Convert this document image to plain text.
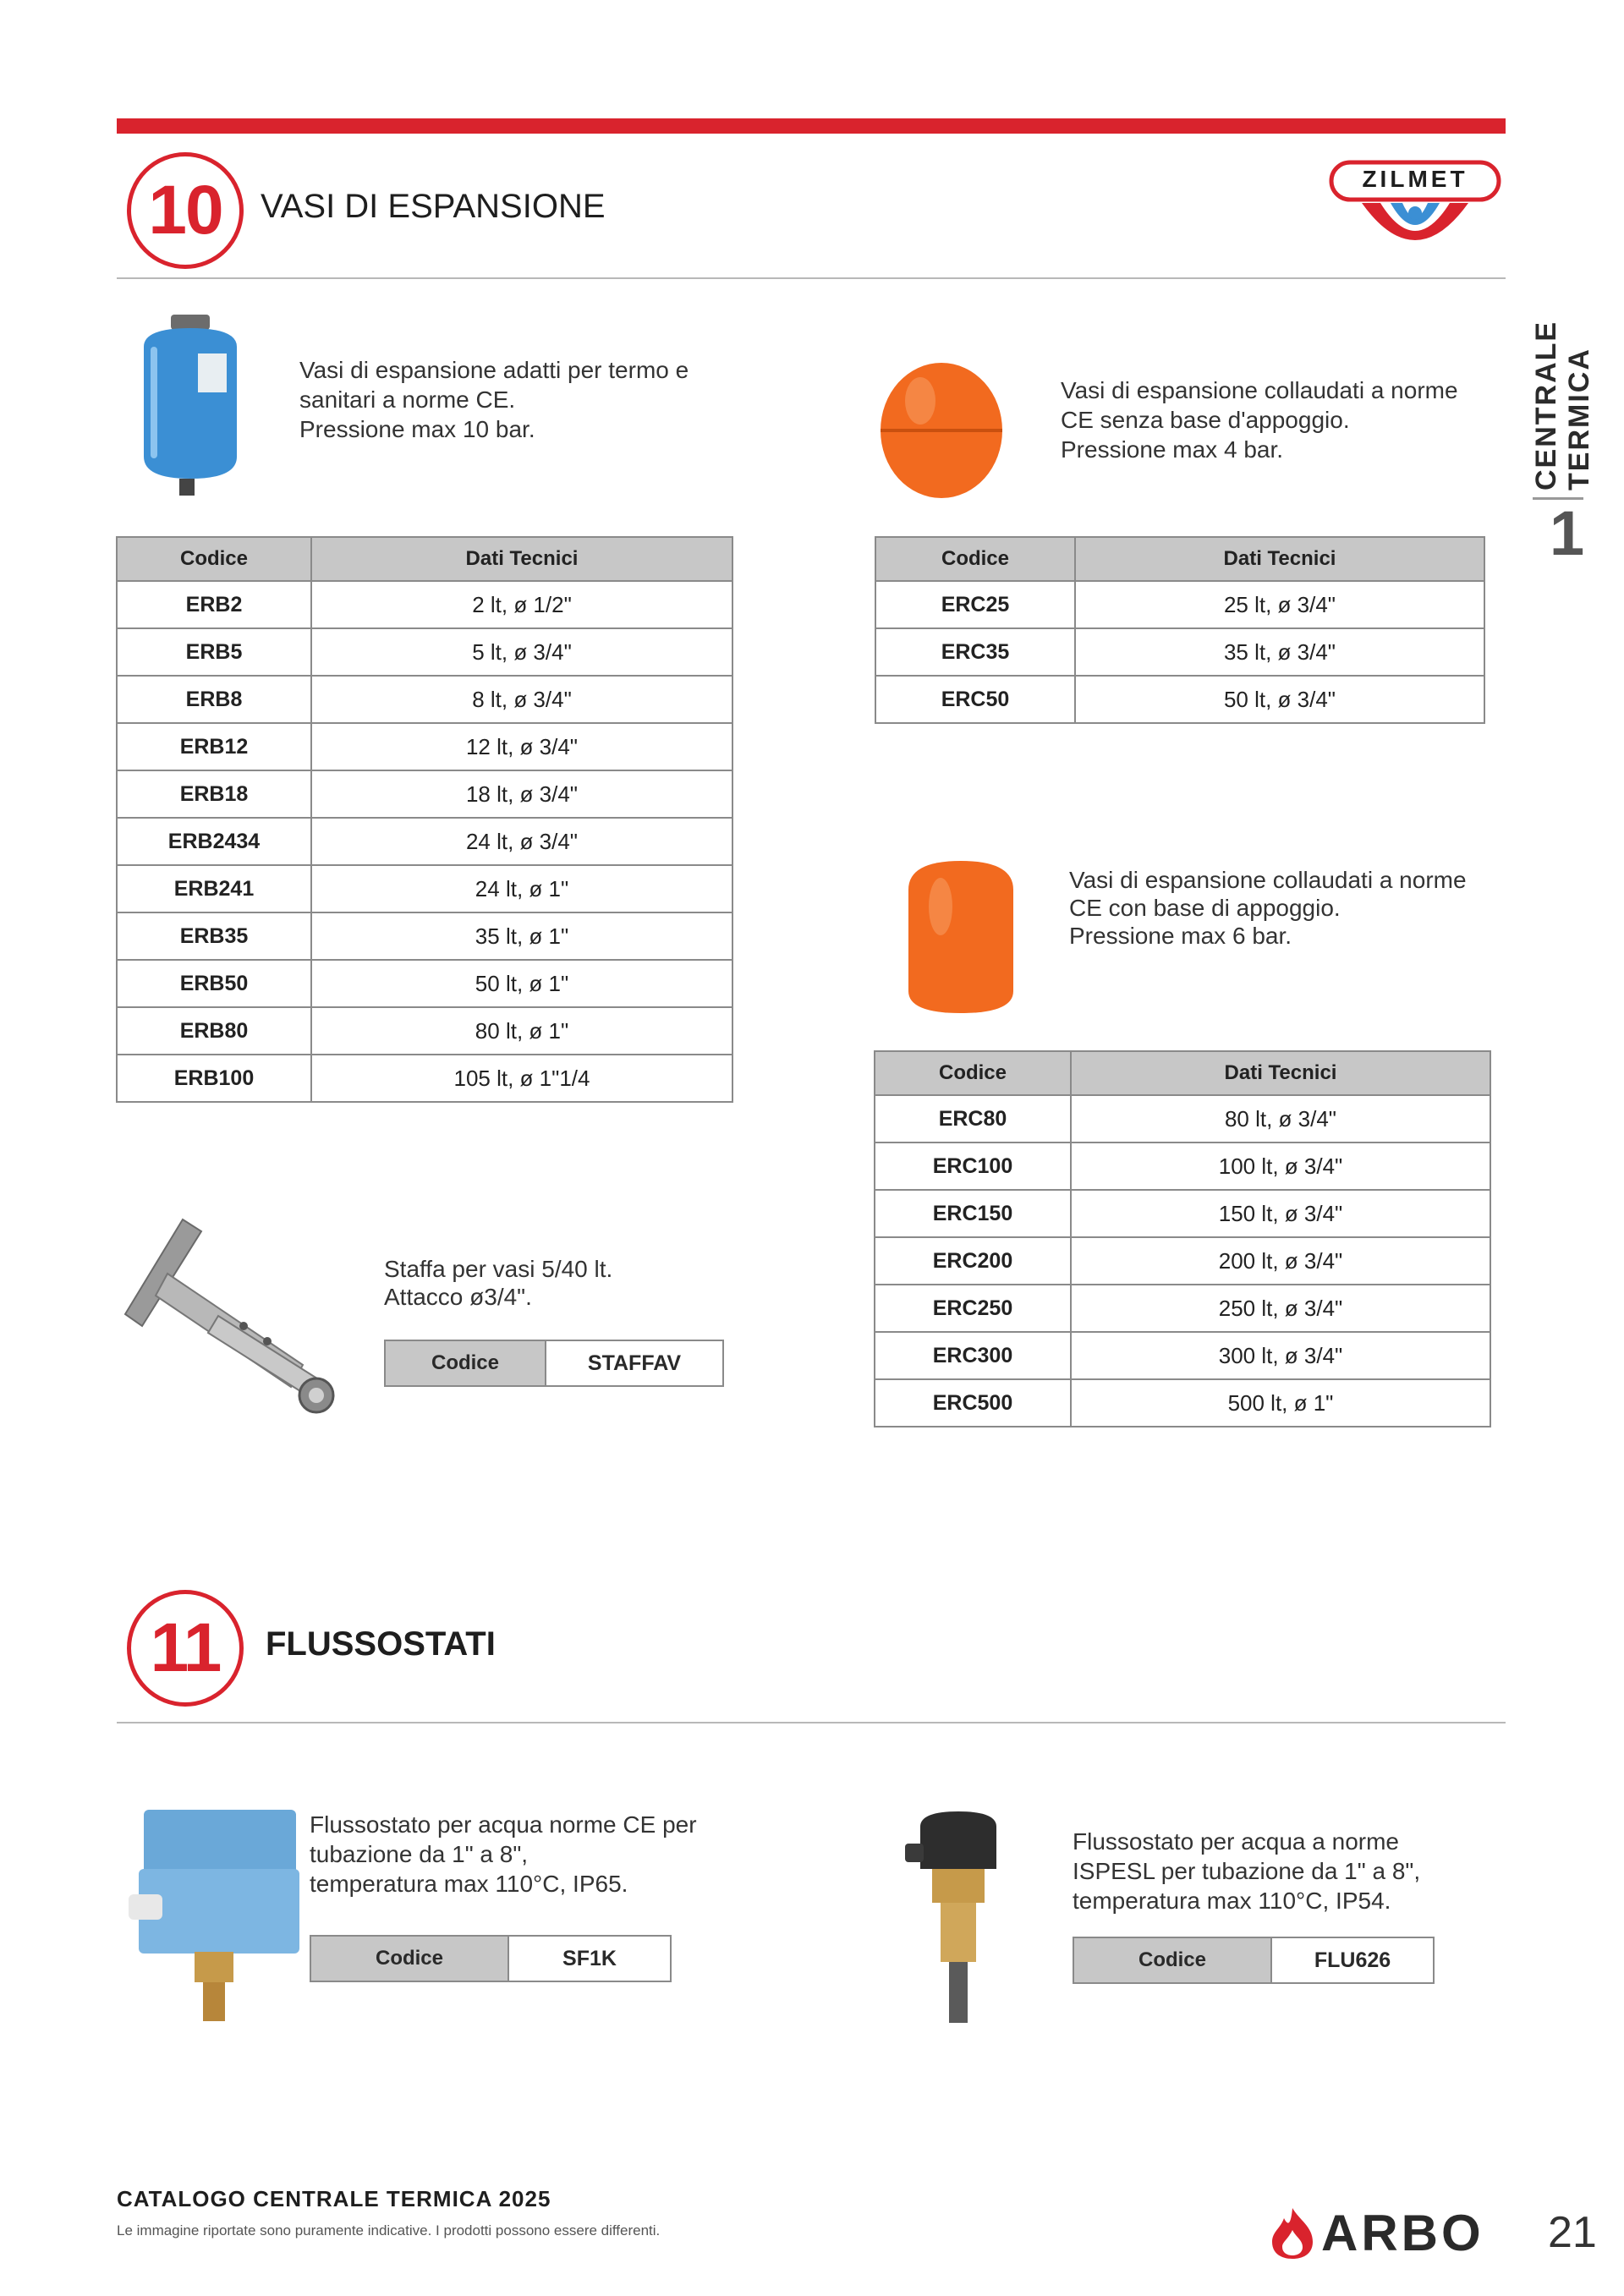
10 VASI DI ESPANSIONE
ZILMET
CENTRALE TERMICA
1
Vasi di espansione adatti per termo e
sanitari a norme CE.
Pressione max 10 bar.
Codice	Dati Tecnici
ERB2	2 lt, ø 1/2"
ERB5	5 lt, ø 3/4"
ERB8	8 lt, ø 3/4"
ERB12	12 lt, ø 3/4"
ERB18	18 lt, ø 3/4"
ERB2434	24 lt, ø 3/4"
ERB241	24 lt, ø 1"
ERB35	35 lt, ø 1"
ERB50	50 lt, ø 1"
ERB80	80 lt, ø 1"
ERB100	105 lt, ø 1"1/4
Vasi di espansione collaudati a norme
CE senza base d'appoggio.
Pressione max 4 bar.
Codice	Dati Tecnici
ERC25	25 lt, ø 3/4"
ERC35	35 lt, ø 3/4"
ERC50	50 lt, ø 3/4"
Vasi di espansione collaudati a norme
CE con base di appoggio.
Pressione max 6 bar.
Codice	Dati Tecnici
ERC80	80 lt, ø 3/4"
ERC100	100 lt, ø 3/4"
ERC150	150 lt, ø 3/4"
ERC200	200 lt, ø 3/4"
ERC250	250 lt, ø 3/4"
ERC300	300 lt, ø 3/4"
ERC500	500 lt, ø 1"
Staffa per vasi 5/40 lt.
Attacco ø3/4".
Codice	STAFFAV
11 FLUSSOSTATI
Flussostato per acqua norme CE per
tubazione da 1" a 8",
temperatura max 110°C, IP65.
Codice	SF1K
Flussostato per acqua a norme
ISPESL per tubazione da 1" a 8",
temperatura max 110°C, IP54.
Codice	FLU626
CATALOGO CENTRALE TERMICA 2025
Le immagine riportate sono puramente indicative. I prodotti possono essere differenti.	ARBO 21
